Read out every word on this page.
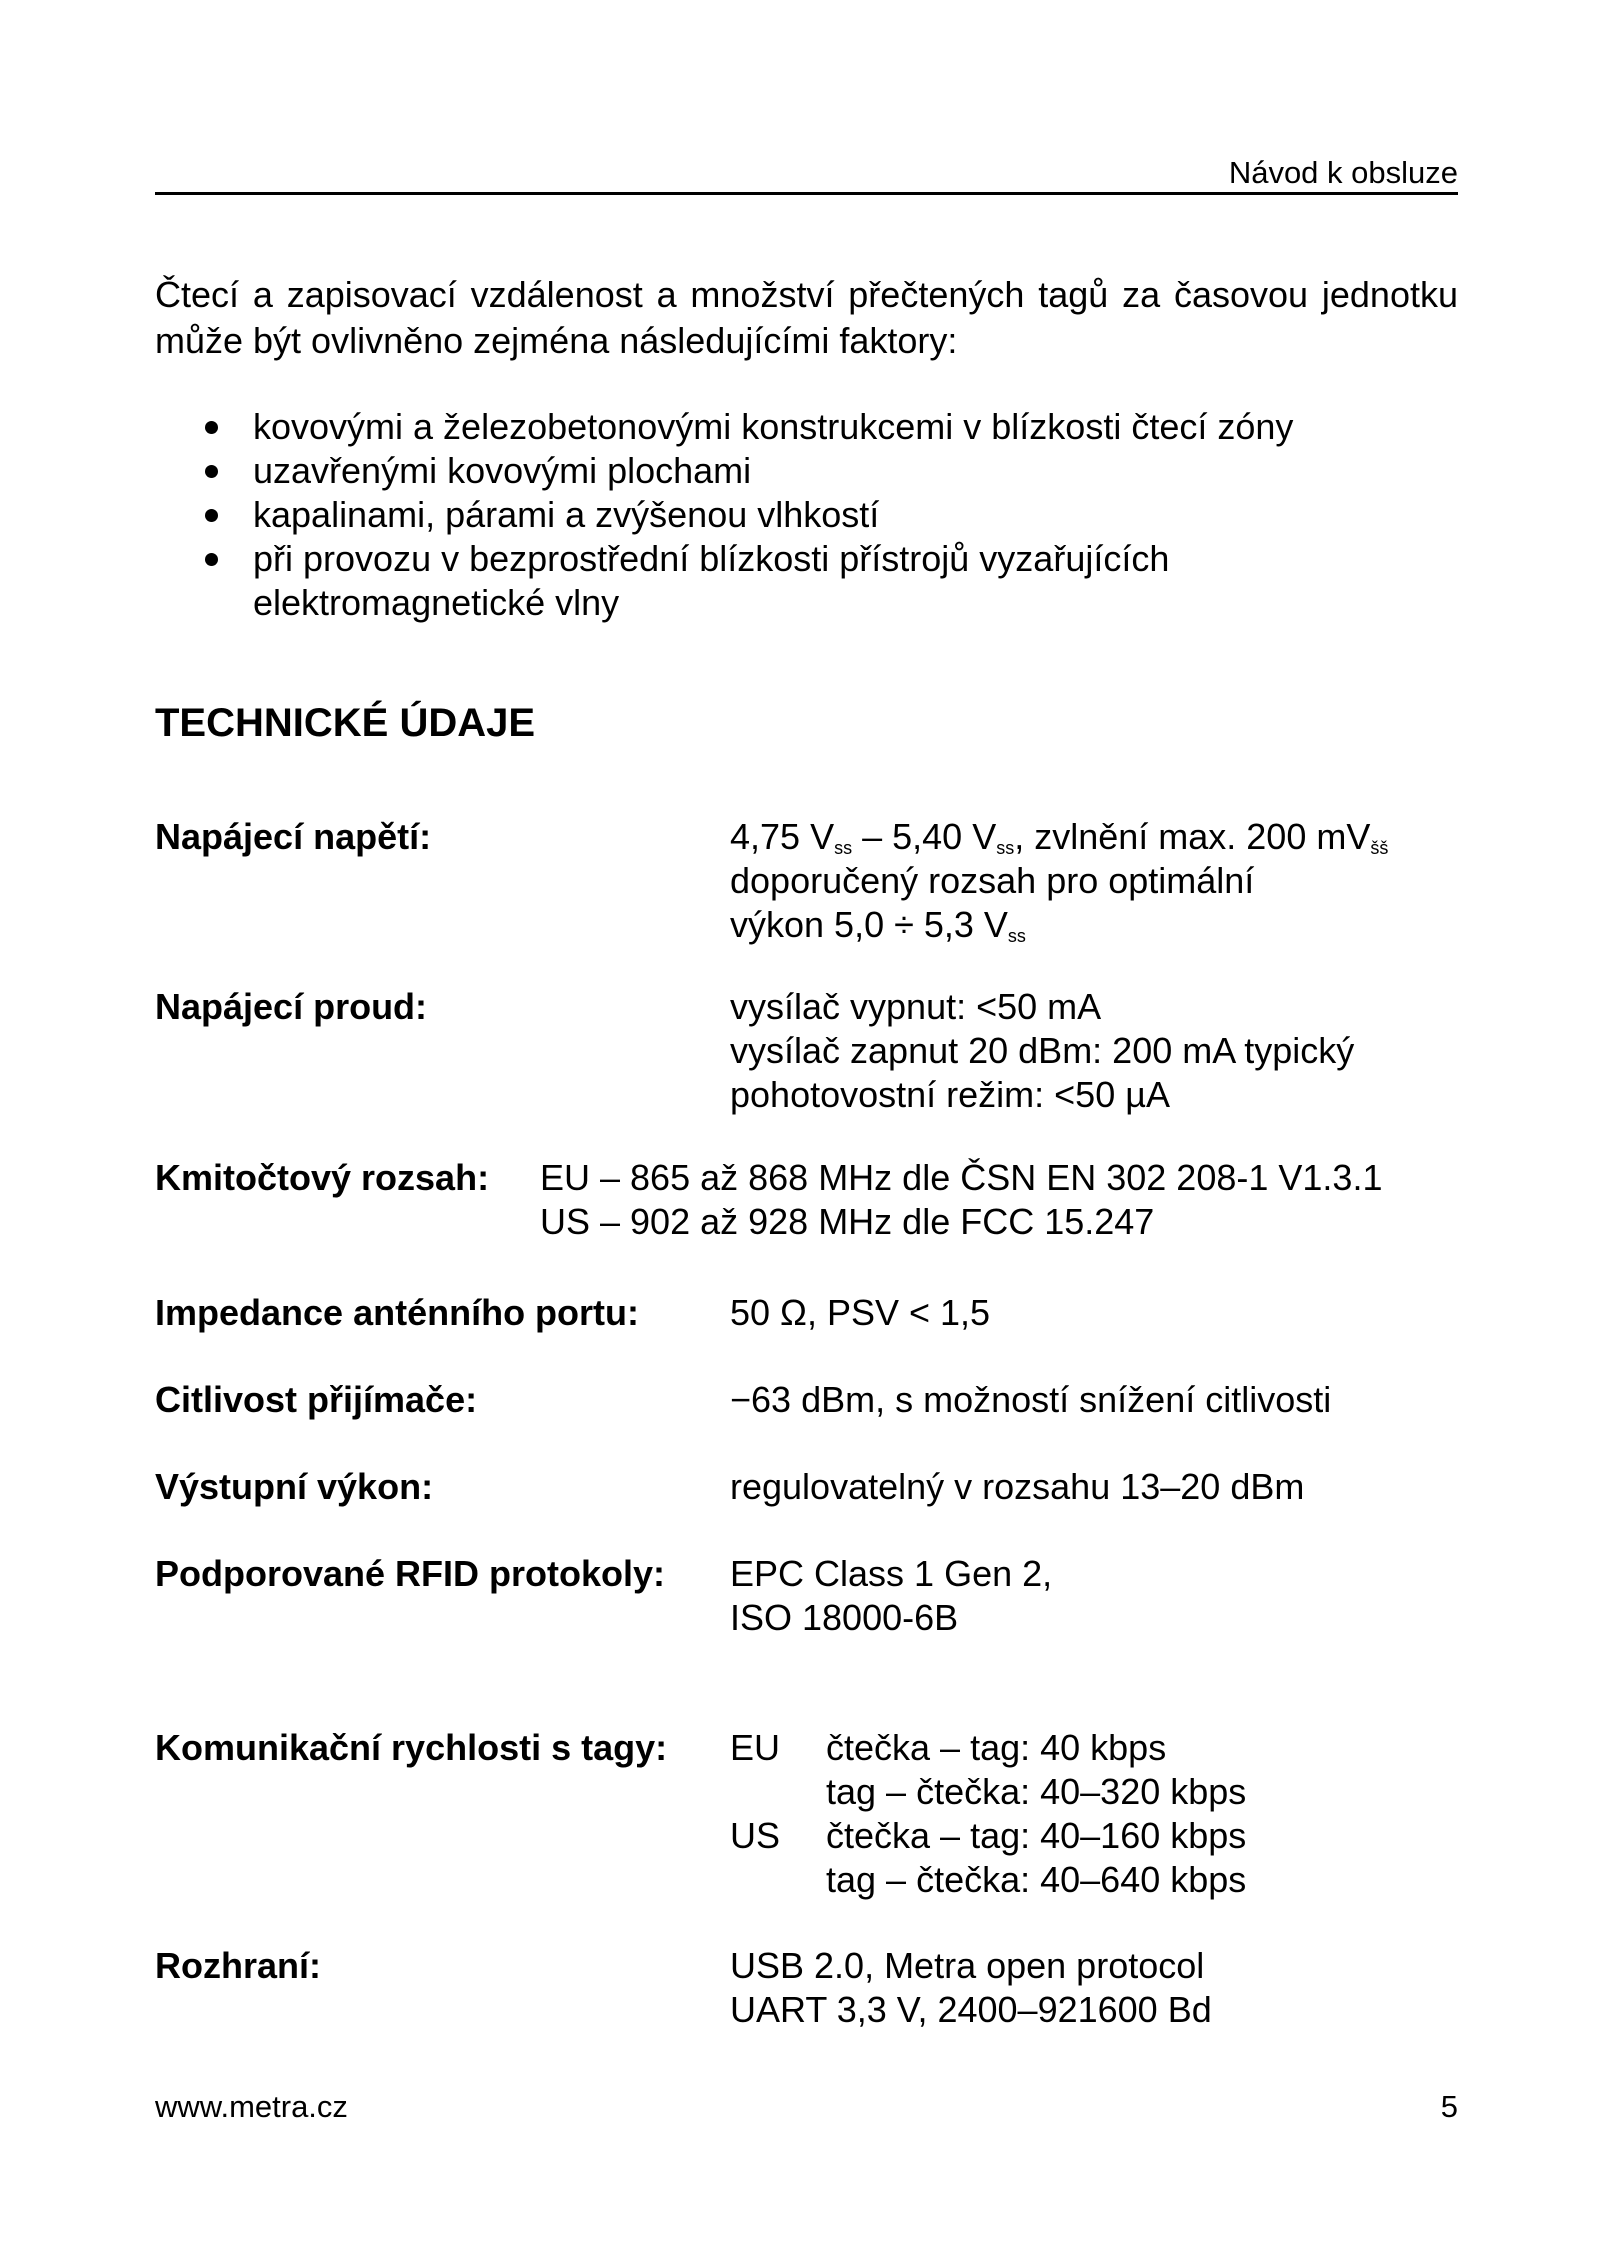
Návod k obsluze
Čtecí a zapisovací vzdálenost a množství přečtených tagů za časovou jednotku může být ovlivněno zejména následujícími faktory:
kovovými a železobetonovými konstrukcemi v blízkosti čtecí zóny
uzavřenými kovovými plochami
kapalinami, párami a zvýšenou vlhkostí
při provozu v bezprostřední blízkosti přístrojů vyzařujících elektromagnetické vlny
TECHNICKÉ ÚDAJE
Napájecí napětí:	4,75 $V_{ss} - 5,40$ $V_{ss}$, zvlnění max. 200 $mV_{šš}$
doporučený rozsah pro optimální
výkon 5,0 ÷ 5,3 $V_{ss}$
Napájecí proud:	vysílač vypnut: <50 mA
vysílač zapnut 20 dBm: 200 mA typický
pohotovostní režim: <50 µA
Kmitočtový rozsah: EU – 865 až 868 MHz dle ČSN EN 302 208-1 V1.3.1
US – 902 až 928 MHz dle FCC 15.247
Impedance anténního portu:	50 Ω, PSV < 1,5
Citlivost přijímače:	−63 dBm, s možností snížení citlivosti
Výstupní výkon:	regulovatelný v rozsahu 13–20 dBm
Podporované RFID protokoly: EPC Class 1 Gen 2,
ISO 18000-6B
Komunikační rychlosti s tagy: EU	čtečka – tag: 40 kbps
tag – čtečka: 40–320 kbps
US	čtečka – tag: 40–160 kbps
tag – čtečka: 40–640 kbps
Rozhraní:	USB 2.0, Metra open protocol
UART 3,3 V, 2400–921600 Bd
www.metra.cz	5
